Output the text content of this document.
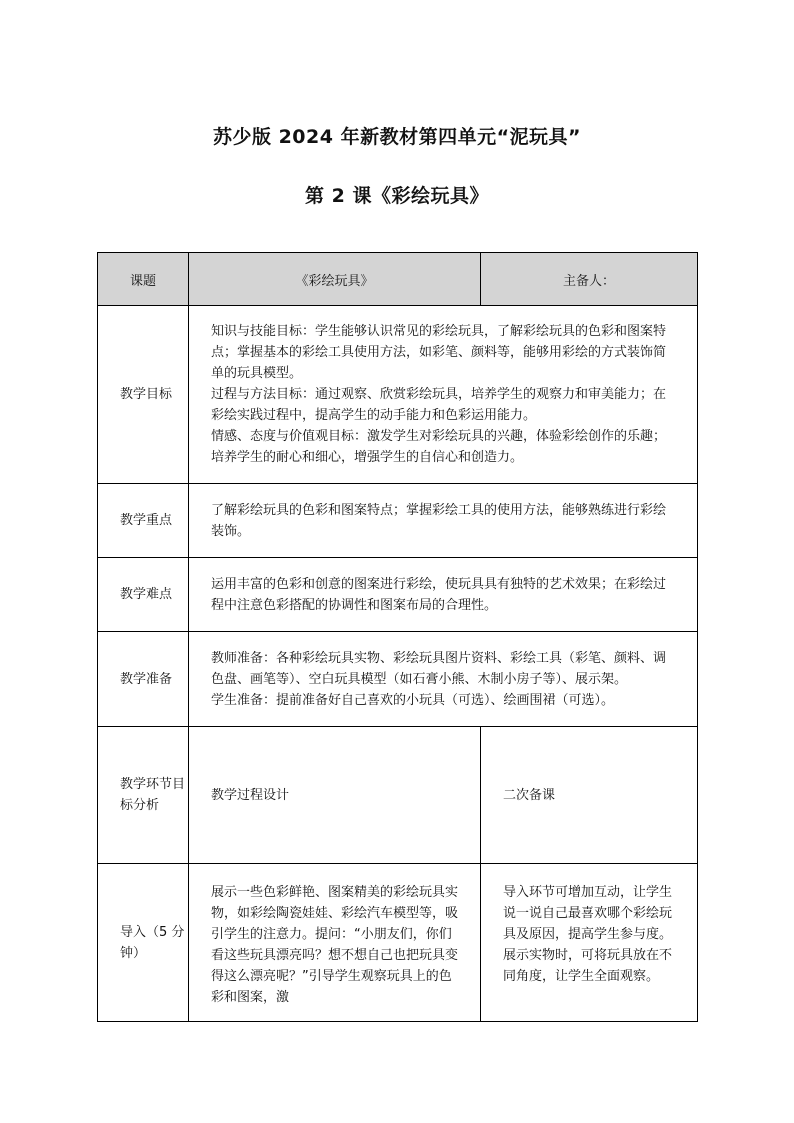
苏少版 2024 年新教材第四单元“泥玩具”
第 2 课《彩绘玩具》
课题	《彩绘玩具》	主备人：
教学目标	知识与技能目标：学生能够认识常见的彩绘玩具，了解彩绘玩具的色彩和图案特点；掌握基本的彩绘工具使用方法，如彩笔、颜料等，能够用彩绘的方式装饰简单的玩具模型。
过程与方法目标：通过观察、欣赏彩绘玩具，培养学生的观察力和审美能力；在彩绘实践过程中，提高学生的动手能力和色彩运用能力。
情感、态度与价值观目标：激发学生对彩绘玩具的兴趣，体验彩绘创作的乐趣；培养学生的耐心和细心，增强学生的自信心和创造力。	

教学重点	了解彩绘玩具的色彩和图案特点；掌握彩绘工具的使用方法，能够熟练进行彩绘装饰。	
教学难点	运用丰富的色彩和创意的图案进行彩绘，使玩具具有独特的艺术效果；在彩绘过程中注意色彩搭配的协调性和图案布局的合理性。	
教学准备	教师准备：各种彩绘玩具实物、彩绘玩具图片资料、彩绘工具（彩笔、颜料、调色盘、画笔等）、空白玩具模型（如石膏小熊、木制小房子等）、展示架。
学生准备：提前准备好自己喜欢的小玩具（可选）、绘画围裙（可选）。	

教学环节目标分析	教学过程设计	二次备课
导入（5 分钟）	展示一些色彩鲜艳、图案精美的彩绘玩具实物，如彩绘陶瓷娃娃、彩绘汽车模型等，吸引学生的注意力。提问：“小朋友们，你们看这些玩具漂亮吗？想不想自己也把玩具变得这么漂亮呢？”引导学生观察玩具上的色彩和图案，激	导入环节可增加互动，让学生说一说自己最喜欢哪个彩绘玩具及原因，提高学生参与度。展示实物时，可将玩具放在不同角度，让学生全面观察。
